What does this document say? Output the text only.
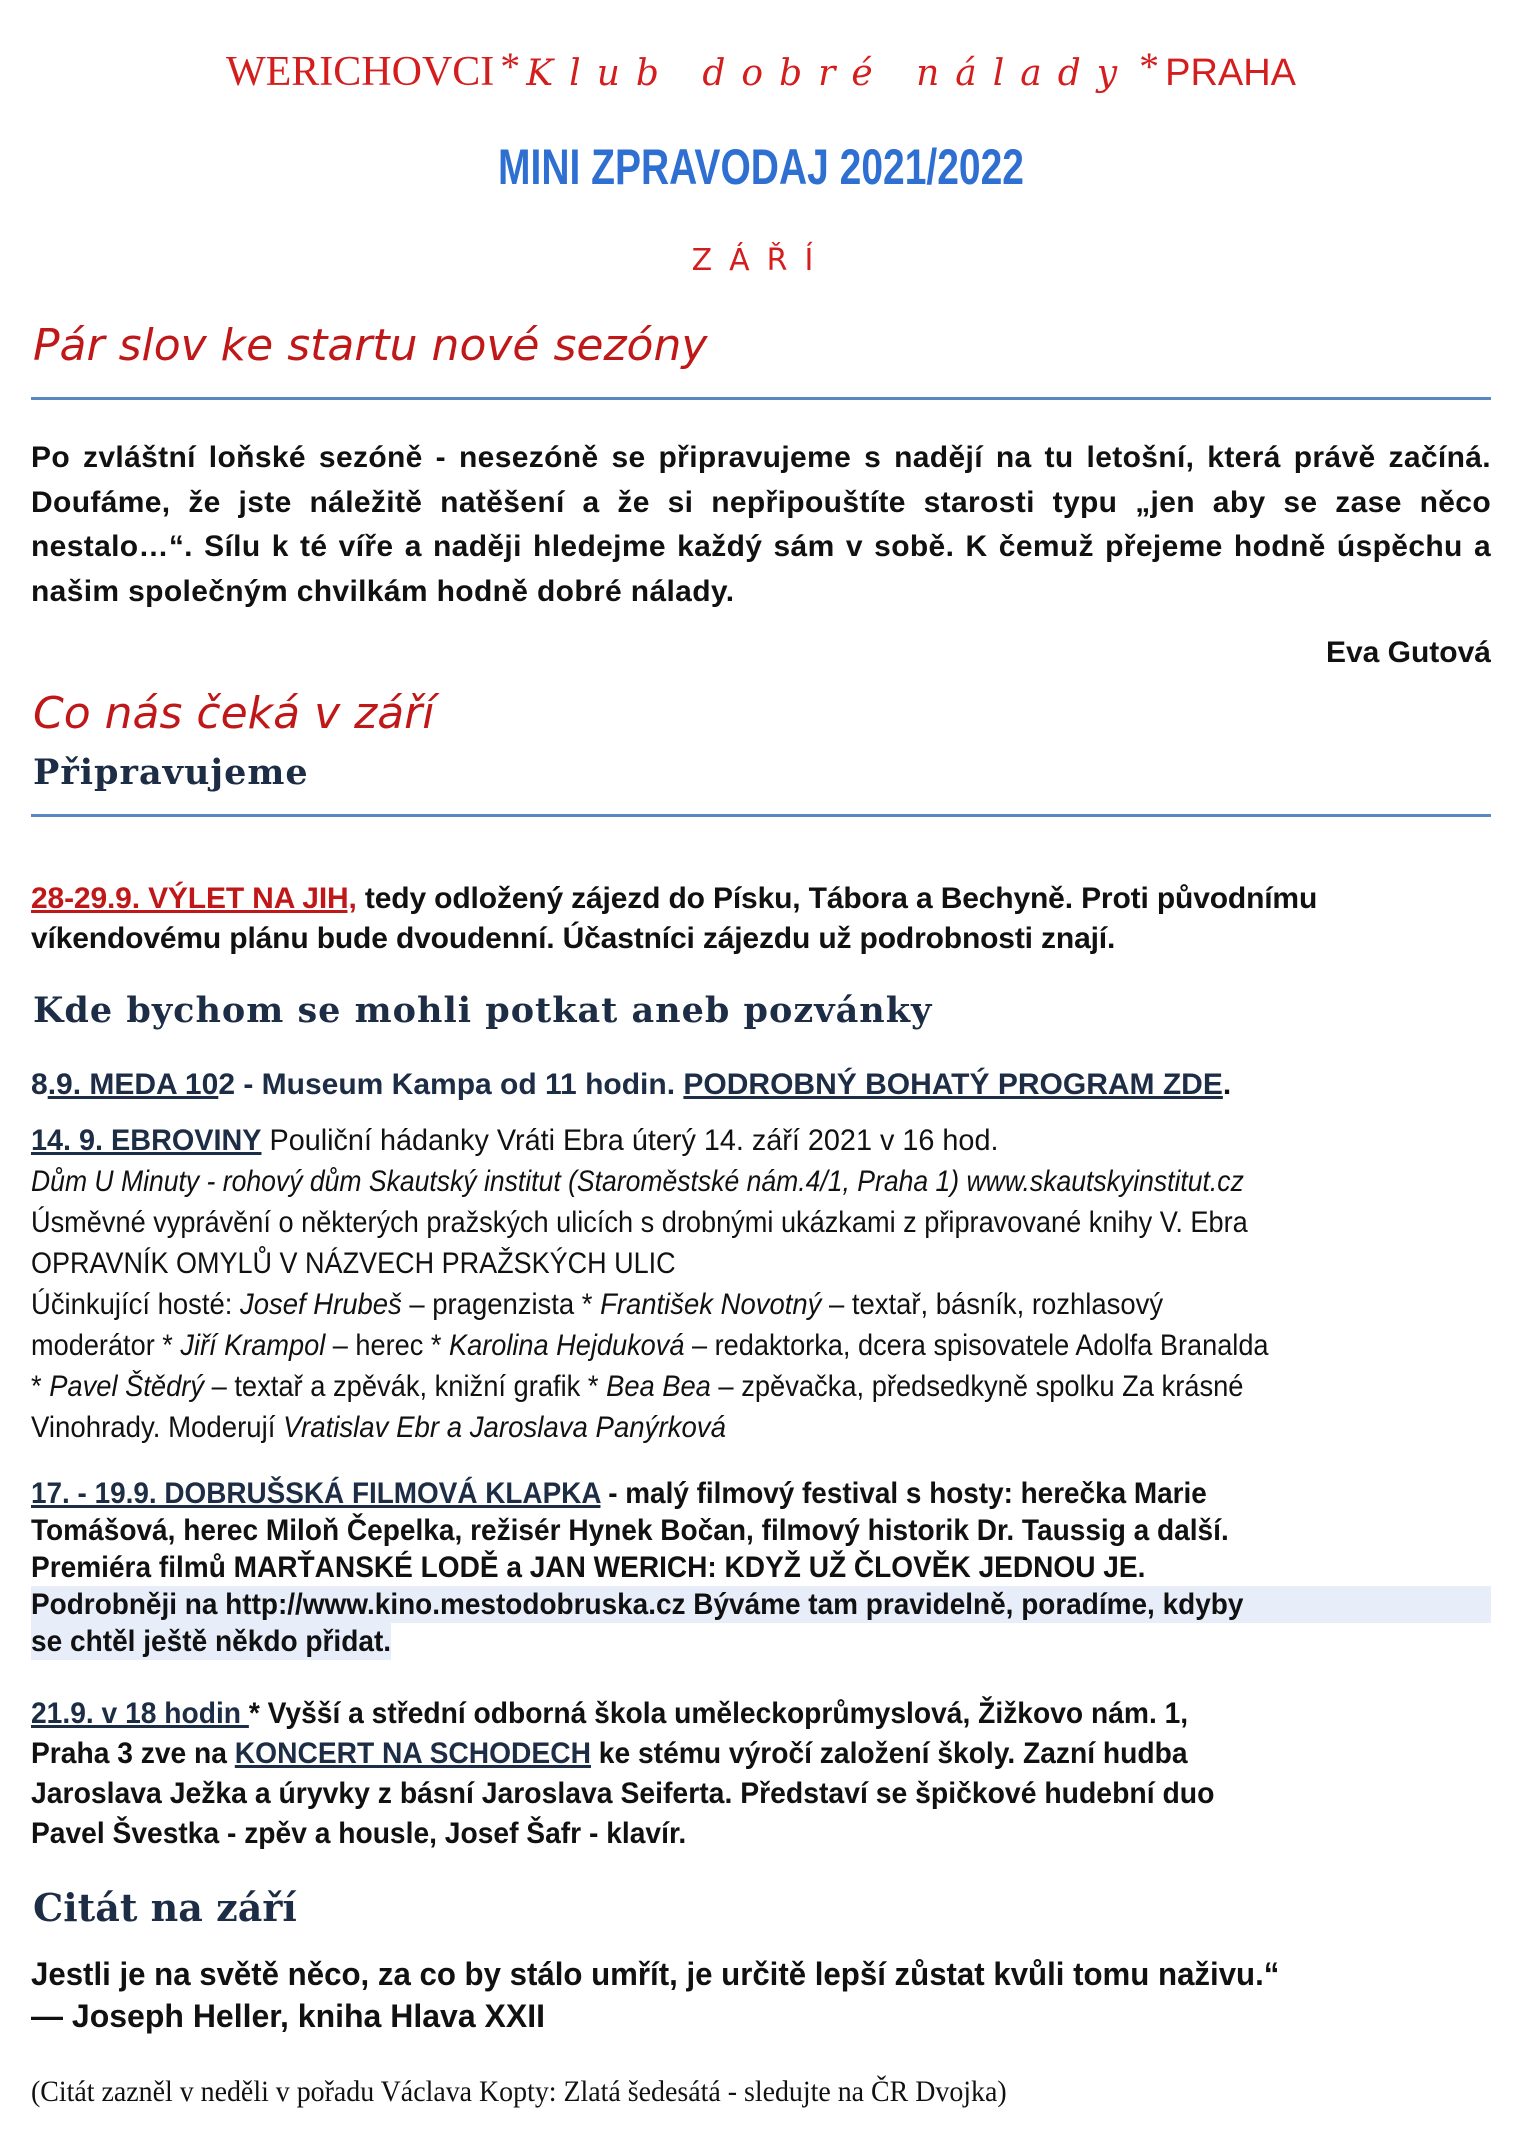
WERICHOVCI * Klub dobré nálady * PRAHA
MINI ZPRAVODAJ 2021/2022
ZÁŘÍ
Pár slov ke startu nové sezóny
Po zvláštní loňské sezóně - nesezóně se připravujeme s nadějí na tu letošní, která právě začíná. Doufáme, že jste náležitě natěšení a že si nepřipouštíte starosti typu „jen aby se zase něco nestalo…“. Sílu k té víře a naději hledejme každý sám v sobě. K čemuž přejeme hodně úspěchu a našim společným chvilkám hodně dobré nálady.
Eva Gutová
Co nás čeká v září
Připravujeme
28-29.9. VÝLET NA JIH, tedy odložený zájezd do Písku, Tábora a Bechyně. Proti původnímu víkendovému plánu bude dvoudenní. Účastníci zájezdu už podrobnosti znají.
Kde bychom se mohli potkat aneb pozvánky
8.9. MEDA 102 - Museum Kampa od 11 hodin. PODROBNÝ BOHATÝ PROGRAM ZDE.
14. 9. EBROVINY Pouliční hádanky Vráti Ebra úterý 14. září 2021 v 16 hod.
Dům U Minuty - rohový dům Skautský institut (Staroměstské nám.4/1, Praha 1) www.skautskyinstitut.cz
Úsměvné vyprávění o některých pražských ulicích s drobnými ukázkami z připravované knihy V. Ebra
OPRAVNÍK OMYLŮ V NÁZVECH PRAŽSKÝCH ULIC
Účinkující hosté: Josef Hrubeš – pragenzista * František Novotný – textař, básník, rozhlasový
moderátor * Jiří Krampol – herec * Karolina Hejduková – redaktorka, dcera spisovatele Adolfa Branalda
* Pavel Štědrý – textař a zpěvák, knižní grafik * Bea Bea – zpěvačka, předsedkyně spolku Za krásné
Vinohrady. Moderují Vratislav Ebr a Jaroslava Panýrková
17. - 19.9. DOBRUŠSKÁ FILMOVÁ KLAPKA - malý filmový festival s hosty: herečka Marie
Tomášová, herec Miloň Čepelka, režisér Hynek Bočan, filmový historik Dr. Taussig a další.
Premiéra filmů MARŤANSKÉ LODĚ a JAN WERICH: KDYŽ UŽ ČLOVĚK JEDNOU JE.
Podrobněji na http://www.kino.mestodobruska.cz Býváme tam pravidelně, poradíme, kdyby
se chtěl ještě někdo přidat.
21.9. v 18 hodin * Vyšší a střední odborná škola uměleckoprůmyslová, Žižkovo nám. 1,
Praha 3 zve na KONCERT NA SCHODECH ke stému výročí založení školy. Zazní hudba
Jaroslava Ježka a úryvky z básní Jaroslava Seiferta. Představí se špičkové hudební duo
Pavel Švestka - zpěv a housle, Josef Šafr - klavír.
Citát na září
Jestli je na světě něco, za co by stálo umřít, je určitě lepší zůstat kvůli tomu naživu.“
— Joseph Heller, kniha Hlava XXII
(Citát zazněl v neděli v pořadu Václava Kopty: Zlatá šedesátá - sledujte na ČR Dvojka)
